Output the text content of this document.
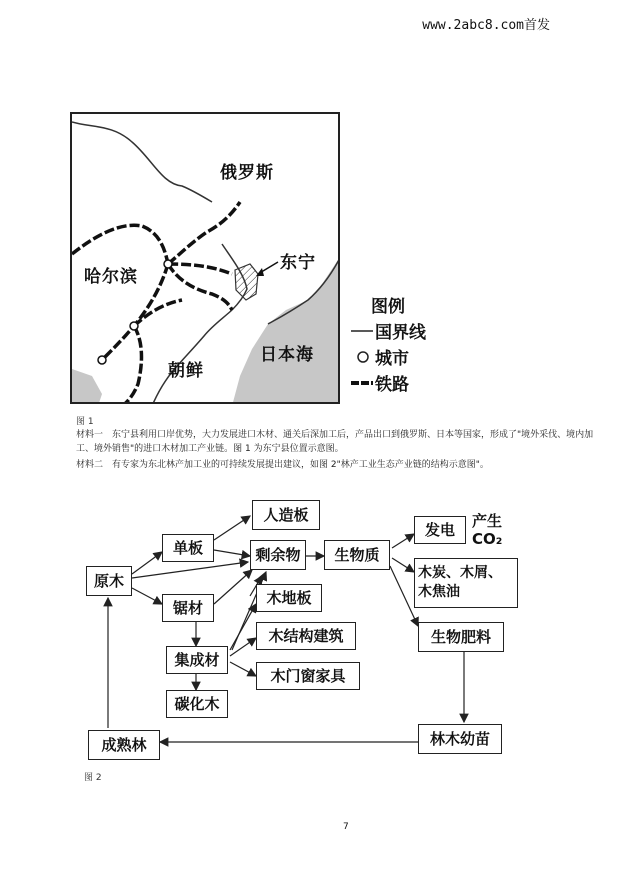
www.2abc8.com首发
俄罗斯
东宁
哈尔滨
日本海
朝鲜
图例
国界线
城市
铁路
图 1
材料一　东宁县利用口岸优势，大力发展进口木材、通关后深加工后，产品出口到俄罗斯、日本等国家，形成了"境外采伐、境内加工、境外销售"的进口木材加工产业链。图 1 为东宁县位置示意图。
材料二　有专家为东北林产加工业的可持续发展提出建议，如图 2"林产工业生态产业链的结构示意图"。
原木
单板
锯材
集成材
碳化木
人造板
剩余物
木地板
木结构建筑
木门窗家具
生物质
发电	产生 CO₂
木炭、木屑、木焦油
生物肥料
林木幼苗
成熟林
图 2
7
